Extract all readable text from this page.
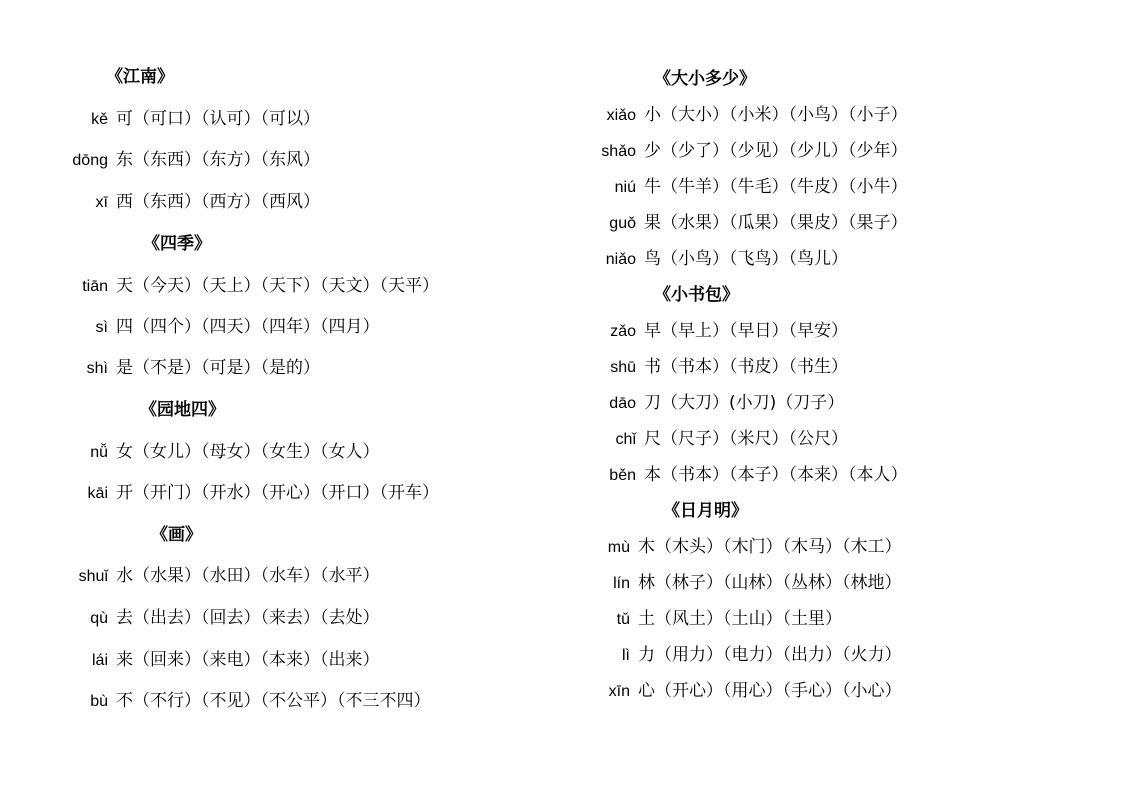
《江南》
kě 可（可口）（认可）（可以）
dōnɡ 东（东西）（东方）（东风）
xī 西（东西）（西方）（西风）
《四季》
tiān 天（今天）（天上）（天下）（天文）（天平）
sì 四（四个）（四天）（四年）（四月）
shì 是（不是）（可是）（是的）
《园地四》
nǚ 女（女儿）（母女）（女生）（女人）
kāi 开（开门）（开水）（开心）（开口）（开车）
《画》
shuǐ 水（水果）（水田）（水车）（水平）
qù 去（出去）（回去）（来去）（去处）
lái 来（回来）（来电）（本来）（出来）
bù 不（不行）（不见）（不公平）（不三不四）
《大小多少》
xiǎo 小（大小）（小米）（小鸟）（小子）
shǎo 少（少了）（少见）（少儿）（少年）
niú 牛（牛羊）（牛毛）（牛皮）（小牛）
ɡuǒ 果（水果）（瓜果）（果皮）（果子）
niǎo 鸟（小鸟）（飞鸟）（鸟儿）
《小书包》
zǎo 早（早上）（早日）（早安）
shū 书（书本）（书皮）（书生）
dāo 刀（大刀）(小刀)（刀子）
chǐ 尺（尺子）（米尺）（公尺）
běn 本（书本）（本子）（本来）（本人）
《日月明》
mù 木（木头）（木门）（木马）（木工）
lín 林（林子）（山林）（丛林）（林地）
tǔ 土（风土）（土山）（土里）
lì 力（用力）（电力）（出力）（火力）
xīn 心（开心）（用心）（手心）（小心）
